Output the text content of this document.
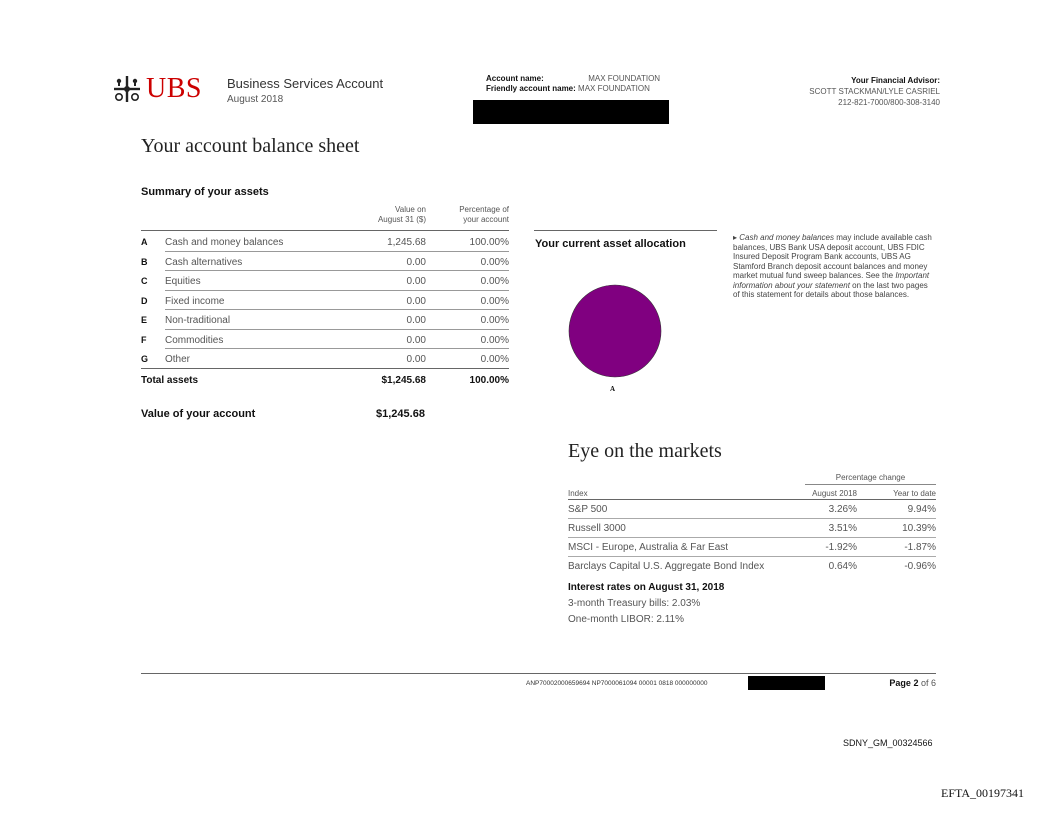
UBS Business Services Account
August 2018
Account name:	MAX FOUNDATION
Friendly account name: MAX FOUNDATION
Your Financial Advisor:
SCOTT STACKMAN/LYLE CASRIEL
212-821-7000/800-308-3140
Your account balance sheet
Summary of your assets
Value on
August 31 ($)
Percentage of
your account
A	Cash and money balances	1,245.68	100.00%
B	Cash alternatives	0.00	0.00%
C	Equities	0.00	0.00%
D	Fixed income	0.00	0.00%
E	Non-traditional	0.00	0.00%
F	Commodities	0.00	0.00%
G	Other	0.00	0.00%
Total assets	$1,245.68	100.00%
Value of your account	$1,245.68
Your current asset allocation
A
▸ Cash and money balances may include available cash balances, UBS Bank USA deposit account, UBS FDIC Insured Deposit Program Bank accounts, UBS AG Stamford Branch deposit account balances and money market mutual fund sweep balances. See the Important information about your statement on the last two pages of this statement for details about those balances.
Eye on the markets
Percentage change
Index	August 2018	Year to date
S&P 500	3.26%	9.94%
Russell 3000	3.51%	10.39%
MSCI - Europe, Australia & Far East	-1.92%	-1.87%
Barclays Capital U.S. Aggregate Bond Index	0.64%	-0.96%
Interest rates on August 31, 2018
3-month Treasury bills: 2.03%
One-month LIBOR: 2.11%
ANP70002000659694 NP7000061094 00001 0818 000000000	Page 2 of 6
SDNY_GM_00324566
EFTA_00197341
